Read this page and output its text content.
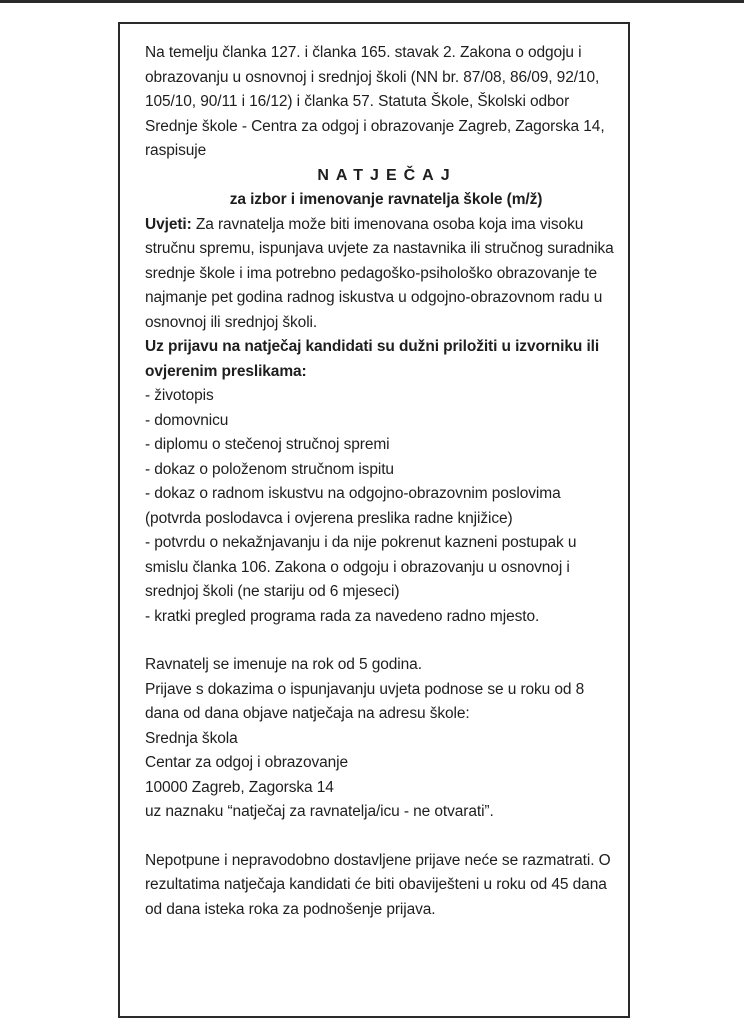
Na temelju članka 127. i članka 165. stavak 2. Zakona o odgoju i obrazovanju u osnovnoj i srednjoj školi (NN br. 87/08, 86/09, 92/10, 105/10, 90/11 i 16/12) i članka 57. Statuta Škole, Školski odbor Srednje škole - Centra za odgoj i obrazovanje Zagreb, Zagorska 14, raspisuje

NATJEČAJ

za izbor i imenovanje ravnatelja škole (m/ž)

Uvjeti: Za ravnatelja može biti imenovana osoba koja ima visoku stručnu spremu, ispunjava uvjete za nastavnika ili stručnog suradnika srednje škole i ima potrebno pedagoško-psihološko obrazovanje te najmanje pet godina radnog iskustva u odgojno-obrazovnom radu u osnovnoj ili srednjoj školi.

Uz prijavu na natječaj kandidati su dužni priložiti u izvorniku ili ovjerenim preslikama:

- životopis
- domovnicu
- diplomu o stečenoj stručnoj spremi
- dokaz o položenom stručnom ispitu
- dokaz o radnom iskustvu na odgojno-obrazovnim poslovima (potvrda poslodavca i ovjerena preslika radne knjižice)
- potvrdu o nekažnjavanju i da nije pokrenut kazneni postupak u smislu članka 106. Zakona o odgoju i obrazovanju u osnovnoj i srednjoj školi (ne stariju od 6 mjeseci)
- kratki pregled programa rada za navedeno radno mjesto.

Ravnatelj se imenuje na rok od 5 godina.

Prijave s dokazima o ispunjavanju uvjeta podnose se u roku od 8 dana od dana objave natječaja na adresu škole:

Srednja škola

Centar za odgoj i obrazovanje

10000 Zagreb, Zagorska 14

uz naznaku “natječaj za ravnatelja/icu - ne otvarati”.

Nepotpune i nepravodobno dostavljene prijave neće se razmatrati. O rezultatima natječaja kandidati će biti obaviješteni u roku od 45 dana od dana isteka roka za podnošenje prijava.
